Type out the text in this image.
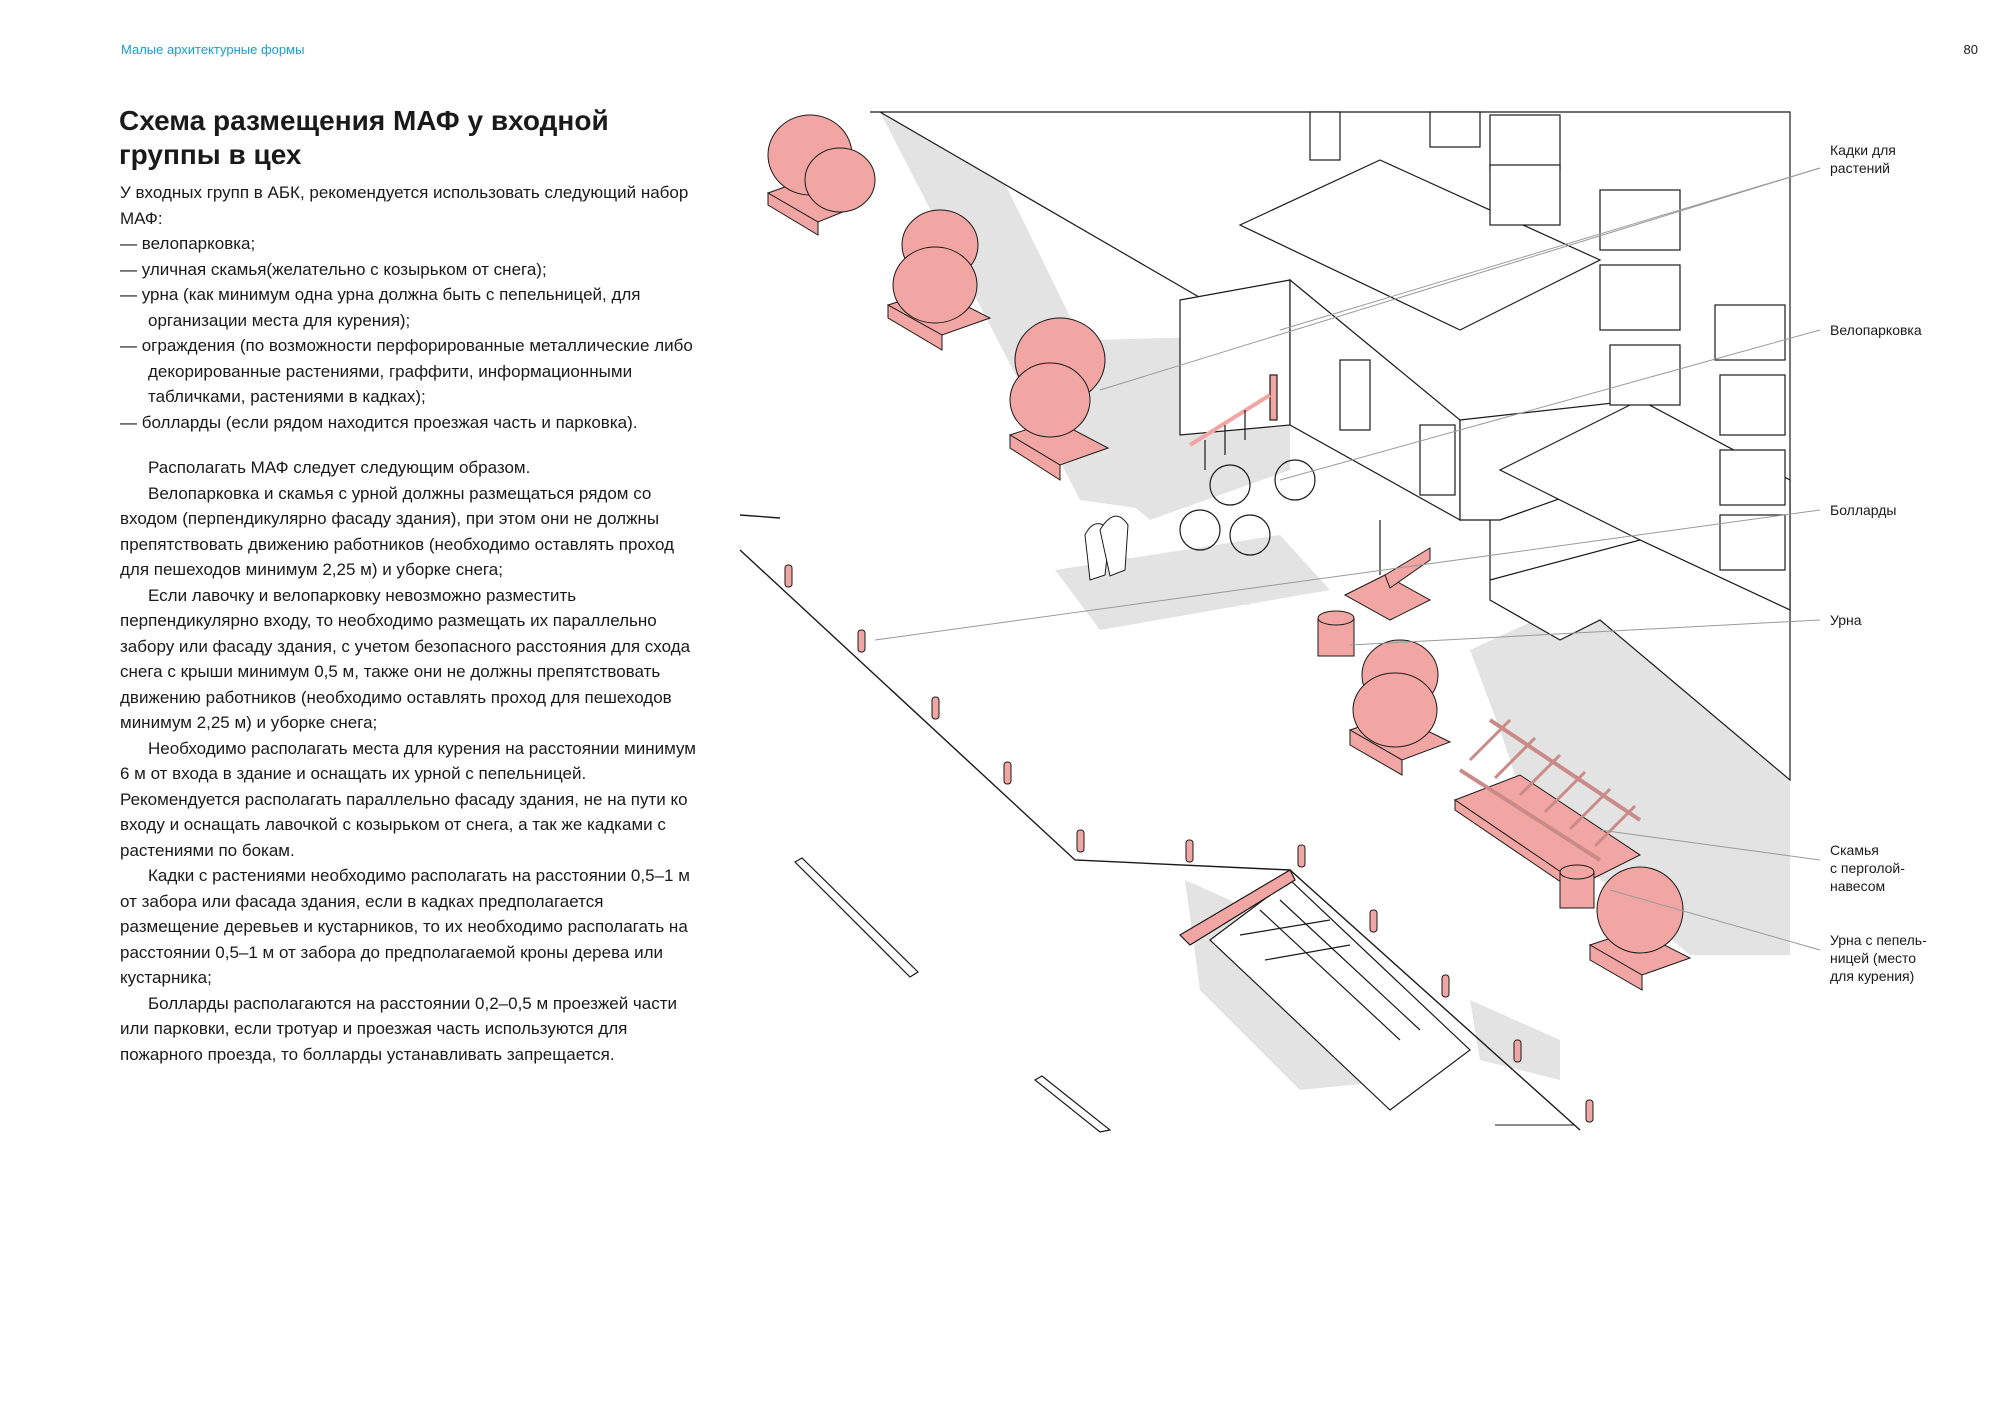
Малые архитектурные формы	80
Схема размещения МАФ у входной
группы в цех

У входных групп в АБК, рекомендуется использовать следующий набор МАФ:

— велопарковка;

— уличная скамья(желательно с козырьком от снега);

— урна (как минимум одна урна должна быть с пепельницей, для организации места для курения);

— ограждения (по возможности перфорированные металлические либо декорированные растениями, граффити, информационными табличками, растениями в кадках);

— болларды (если рядом находится проезжая часть и парковка).

Располагать МАФ следует следующим образом.

Велопарковка и скамья с урной должны размещаться рядом со входом (перпендикулярно фасаду здания), при этом они не должны препятствовать движению работников (необходимо оставлять проход для пешеходов минимум 2,25 м) и уборке снега;

Если лавочку и велопарковку невозможно разместить перпендикулярно входу, то необходимо размещать их параллельно забору или фасаду здания, с учетом безопасного расстояния для схода снега с крыши минимум 0,5 м, также они не должны препятствовать движению работников (необходимо оставлять проход для пешеходов минимум 2,25 м) и уборке снега;

Необходимо располагать места для курения на расстоянии минимум 6 м от входа в здание и оснащать их урной с пепельницей. Рекомендуется располагать параллельно фасаду здания, не на пути ко входу и оснащать лавочкой с козырьком от снега, а так же кадками с растениями по бокам.

Кадки с растениями необходимо располагать на расстоянии 0,5–1 м от забора или фасада здания, если в кадках предполагается размещение деревьев и кустарников, то их необходимо располагать на расстоянии 0,5–1 м от забора до предполагаемой кроны дерева или кустарника;

Болларды располагаются на расстоянии 0,2–0,5 м проезжей части или парковки, если тротуар и проезжая часть используются для пожарного проезда, то болларды устанавливать запрещается.

Кадки для растений
Велопарковка
Болларды
Урна
Скамья с перголой-навесом
Урна с пепель-ницей (место для курения)
